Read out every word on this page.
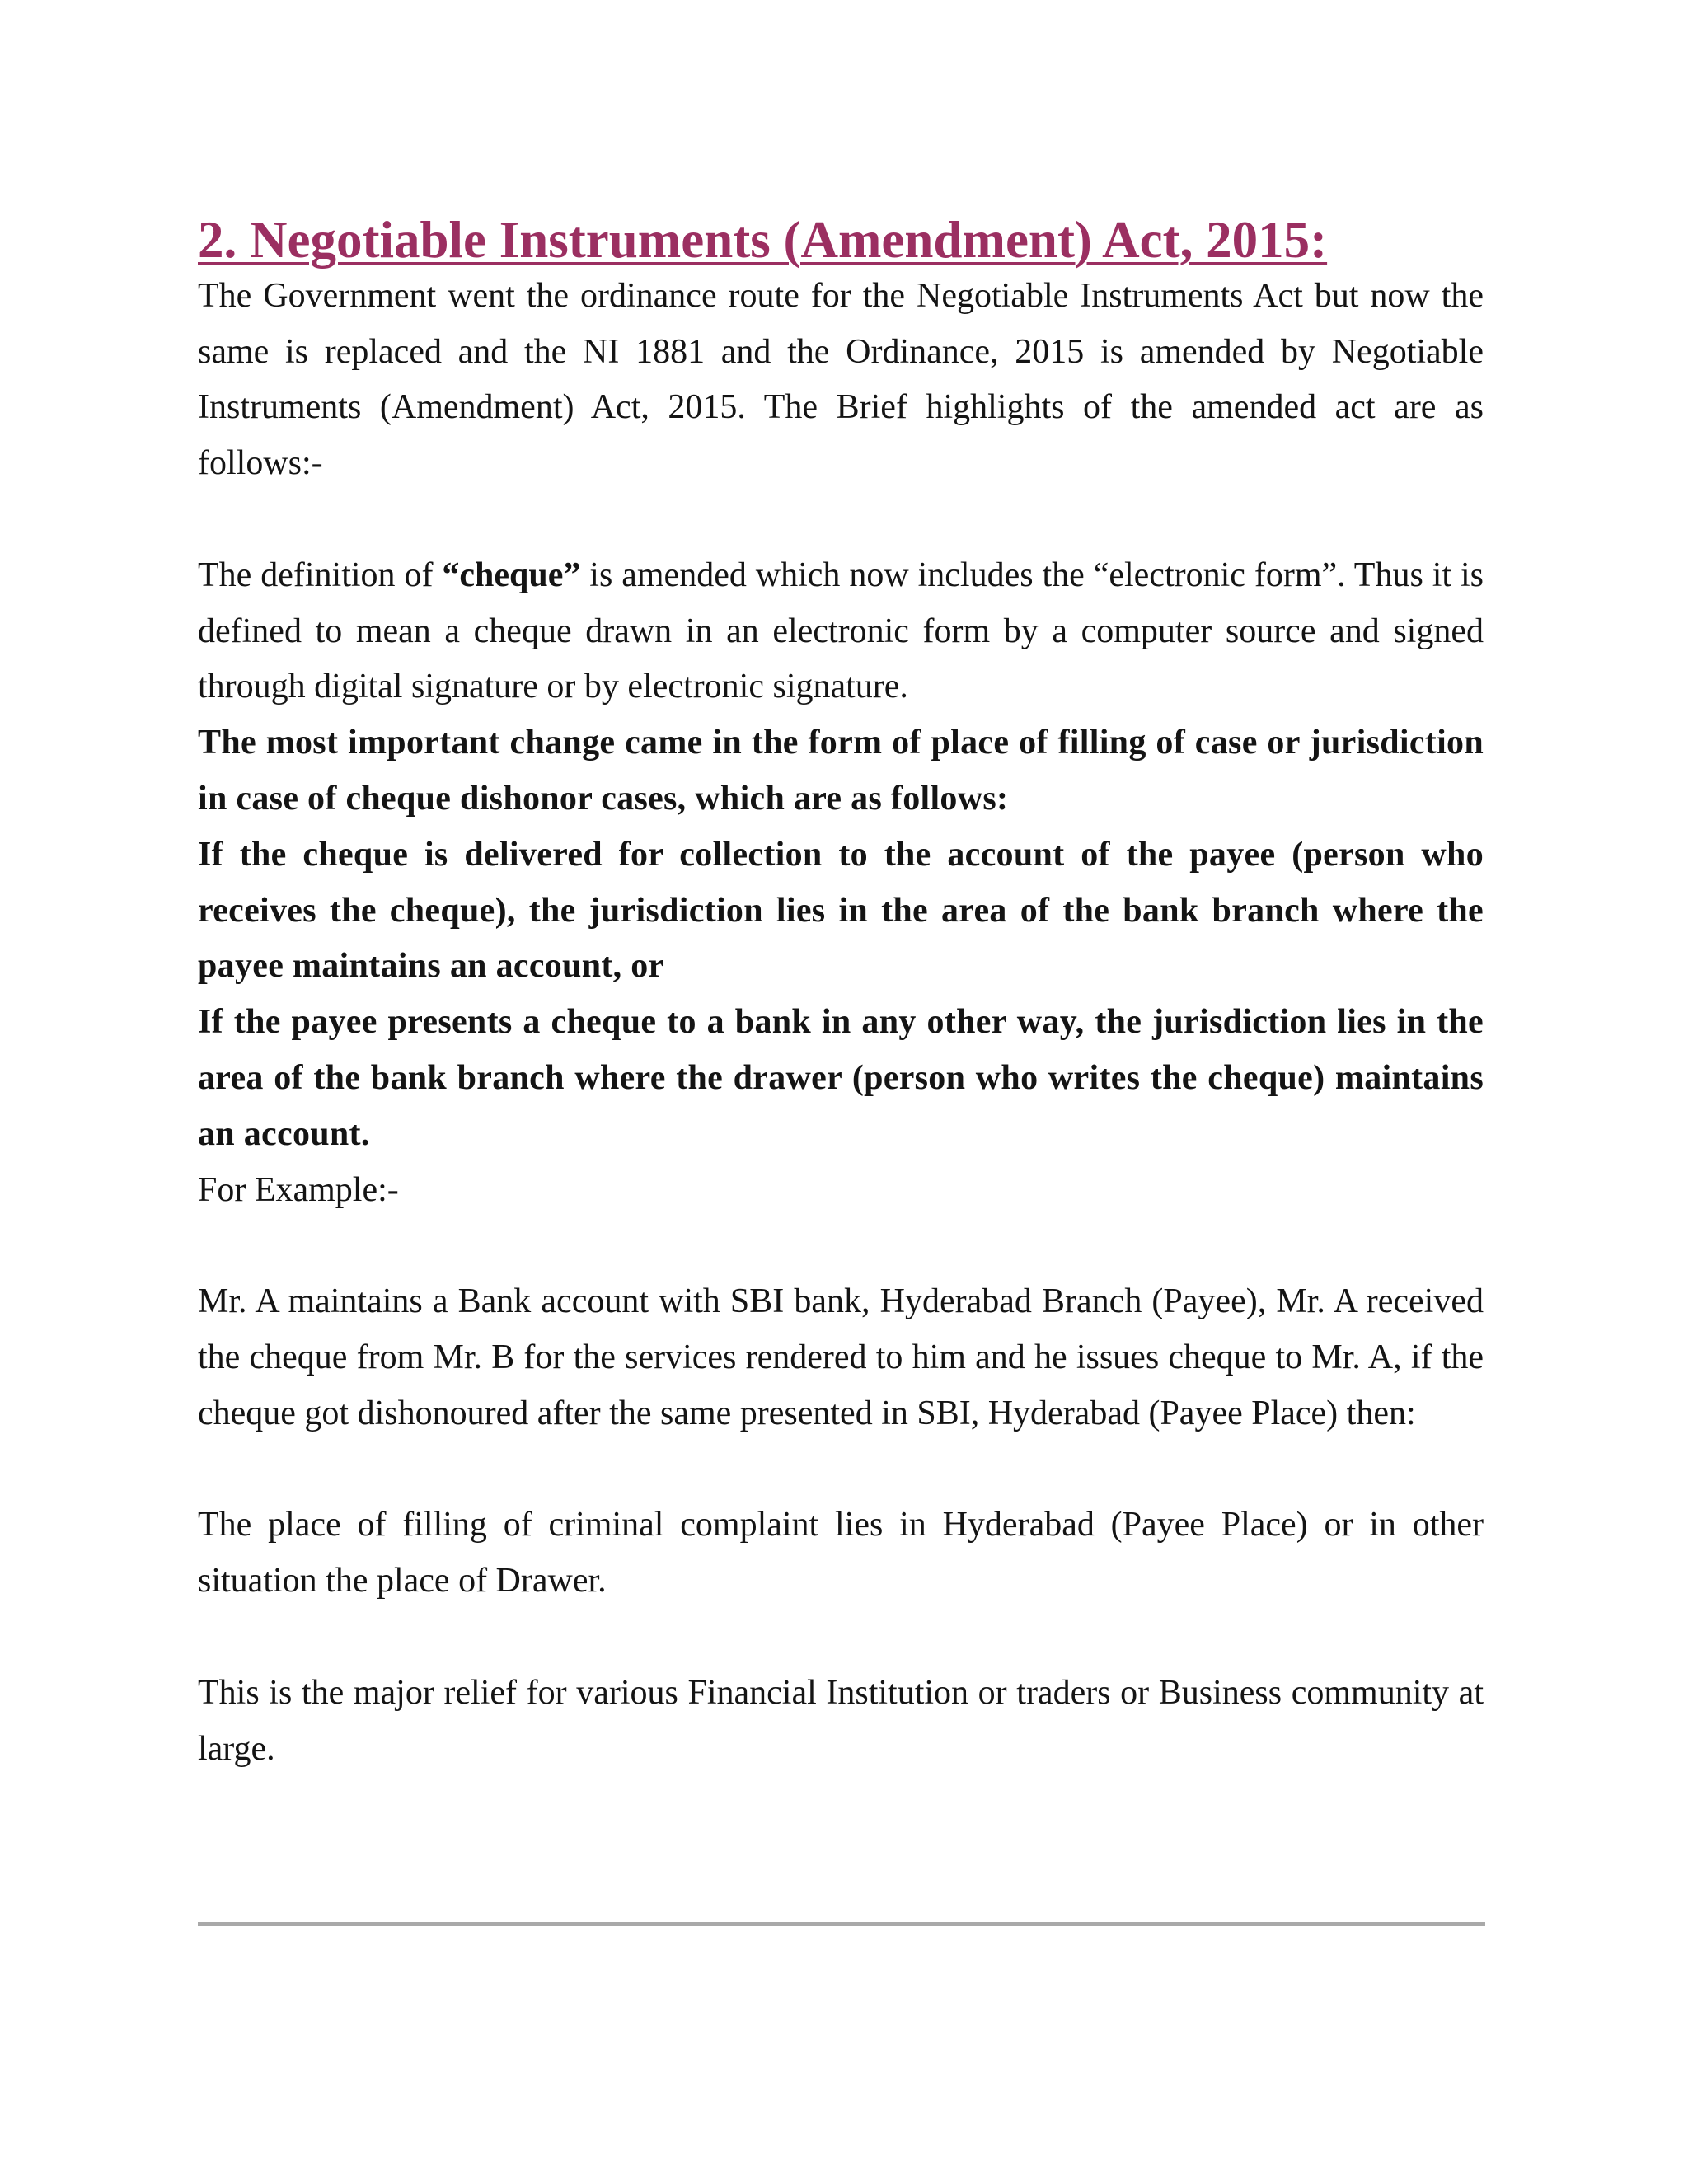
2. Negotiable Instruments (Amendment) Act, 2015:

The Government went the ordinance route for the Negotiable Instruments Act but now the same is replaced and the NI 1881 and the Ordinance, 2015 is amended by Negotiable Instruments (Amendment) Act, 2015. The Brief highlights of the amended act are as follows:-

The definition of “cheque” is amended which now includes the “electronic form”. Thus it is defined to mean a cheque drawn in an electronic form by a computer source and signed through digital signature or by electronic signature.

The most important change came in the form of place of filling of case or jurisdiction in case of cheque dishonor cases, which are as follows:

If the cheque is delivered for collection to the account of the payee (person who receives the cheque), the jurisdiction lies in the area of the bank branch where the payee maintains an account, or

If the payee presents a cheque to a bank in any other way, the jurisdiction lies in the area of the bank branch where the drawer (person who writes the cheque) maintains an account.

For Example:-

Mr. A maintains a Bank account with SBI bank, Hyderabad Branch (Payee), Mr. A received the cheque from Mr. B for the services rendered to him and he issues cheque to Mr. A, if the cheque got dishonoured after the same presented in SBI, Hyderabad (Payee Place) then:

The place of filling of criminal complaint lies in Hyderabad (Payee Place) or in other situation the place of Drawer.

This is the major relief for various Financial Institution or traders or Business community at large.
